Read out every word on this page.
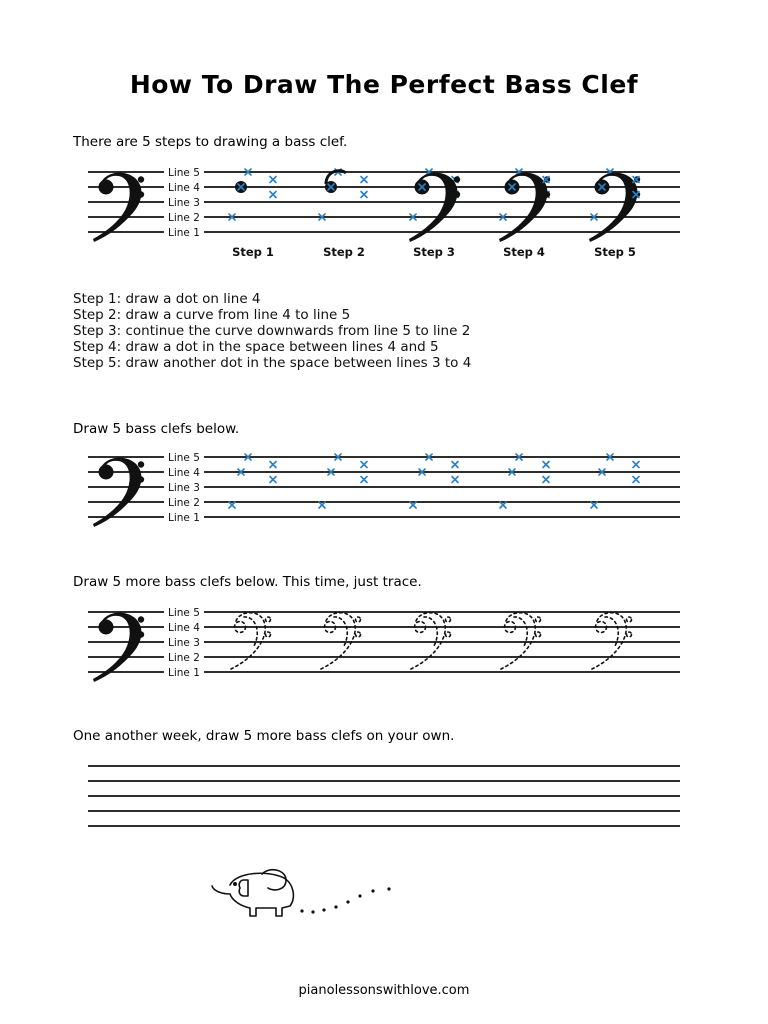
How To Draw The Perfect Bass Clef
There are 5 steps to drawing a bass clef.
Line 5
Line 4
Line 3
Line 2
Line 1
Step 1	Step 2	Step 3	Step 4	Step 5
Step 1: draw a dot on line 4
Step 2: draw a curve from line 4 to line 5
Step 3: continue the curve downwards from line 5 to line 2
Step 4: draw a dot in the space between lines 4 and 5
Step 5: draw another dot in the space between lines 3 to 4
Draw 5 bass clefs below.
Line 5
Line 4
Line 3
Line 2
Line 1
Draw 5 more bass clefs below. This time, just trace.
Line 5
Line 4
Line 3
Line 2
Line 1
One another week, draw 5 more bass clefs on your own.
pianolessonswithlove.com
